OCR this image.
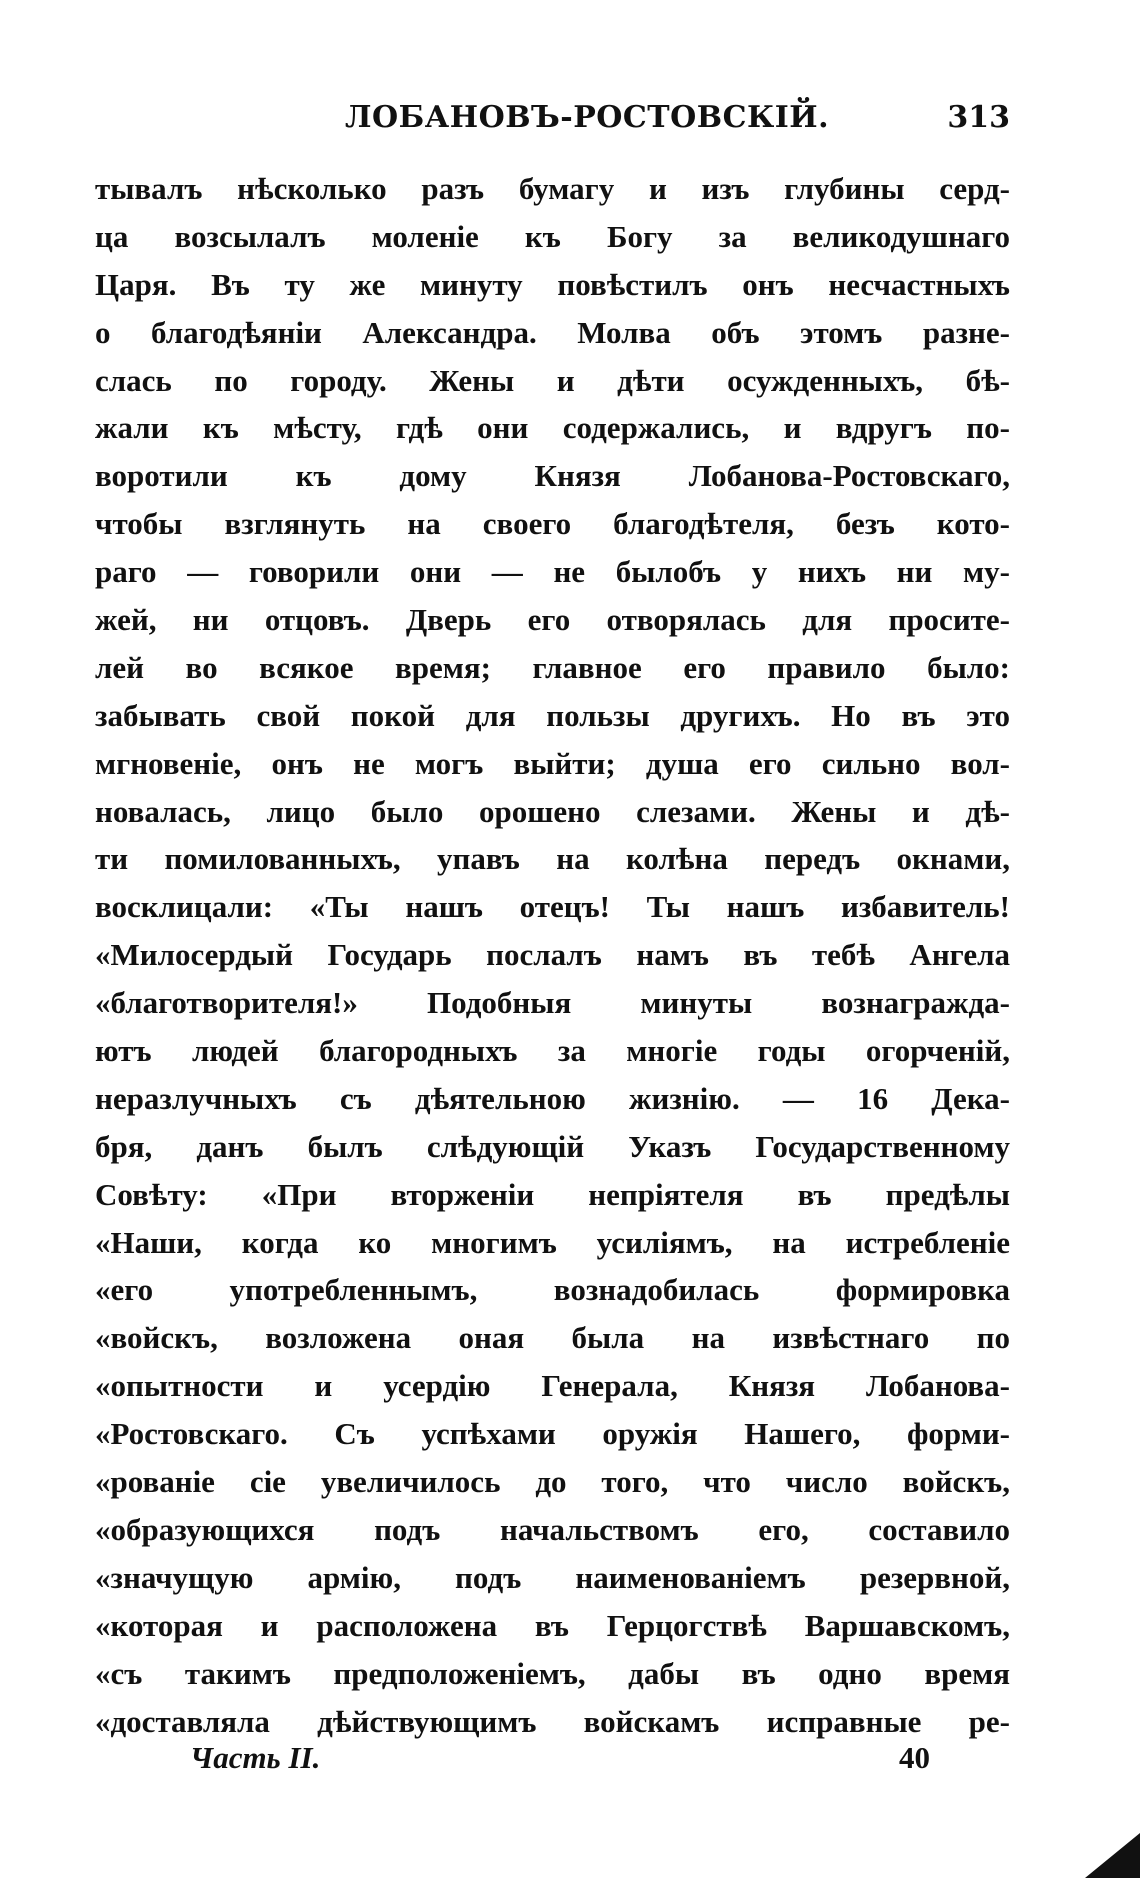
ЛОБАНОВЪ-РОСТОВСКІЙ.	313
тывалъ нѣсколько разъ бумагу и изъ глубины серд-
ца возсылалъ моленіе къ Богу за великодушнаго
Царя. Въ ту же минуту повѣстилъ онъ несчастныхъ
о благодѣяніи Александра. Молва объ этомъ разне-
слась по городу. Жены и дѣти осужденныхъ, бѣ-
жали къ мѣсту, гдѣ они содержались, и вдругъ по-
воротили къ дому Князя Лобанова-Ростовскаго,
чтобы взглянуть на своего благодѣтеля, безъ кото-
раго — говорили они — не былобъ у нихъ ни му-
жей, ни отцовъ. Дверь его отворялась для просите-
лей во всякое время; главное его правило было:
забывать свой покой для пользы другихъ. Но въ это
мгновеніе, онъ не могъ выйти; душа его сильно вол-
новалась, лицо было орошено слезами. Жены и дѣ-
ти помилованныхъ, упавъ на колѣна передъ окнами,
восклицали: «Ты нашъ отецъ! Ты нашъ избавитель!
«Милосердый Государь послалъ намъ въ тебѣ Ангела
«благотворителя!» Подобныя минуты вознагражда-
ютъ людей благородныхъ за многіе годы огорченій,
неразлучныхъ съ дѣятельною жизнію. — 16 Дека-
бря, данъ былъ слѣдующій Указъ Государственному
Совѣту: «При вторженіи непріятеля въ предѣлы
«Наши, когда ко многимъ усиліямъ, на истребленіе
«его употребленнымъ, вознадобилась формировка
«войскъ, возложена оная была на извѣстнаго по
«опытности и усердію Генерала, Князя Лобанова-
«Ростовскаго. Съ успѣхами оружія Нашего, форми-
«рованіе сіе увеличилось до того, что число войскъ,
«образующихся подъ начальствомъ его, составило
«значущую армію, подъ наименованіемъ резервной,
«которая и расположена въ Герцогствѣ Варшавскомъ,
«съ такимъ предположеніемъ, дабы въ одно время
«доставляла дѣйствующимъ войскамъ исправные ре-
Часть II.	40
